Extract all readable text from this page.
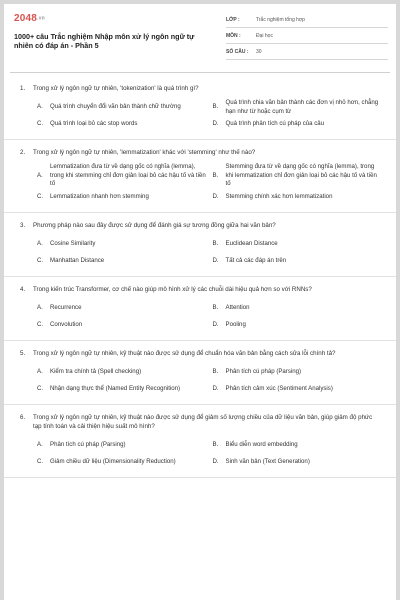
2048.vn
1000+ câu Trắc nghiệm Nhập môn xử lý ngôn ngữ tự nhiên có đáp án - Phần 5
LỚP :	Trắc nghiệm tổng hợp
MÔN :	Đại học
SỐ CÂU :	30
1.	Trong xử lý ngôn ngữ tự nhiên, 'tokenization' là quá trình gì?
A.	Quá trình chuyển đổi văn bản thành chữ thường	B.
Quá trình chia văn bản thành các đơn vị nhỏ hơn, chẳng hạn như từ hoặc cụm từ
C.	Quá trình loại bỏ các stop words	D.	Quá trình phân tích cú pháp của câu
2.	Trong xử lý ngôn ngữ tự nhiên, 'lemmatization' khác với 'stemming' như thế nào?
A.
Lemmatization đưa từ về dạng gốc có nghĩa (lemma), trong khi stemming chỉ đơn giản loại bỏ các hậu tố và tiền tố
B.
Stemming đưa từ về dạng gốc có nghĩa (lemma), trong khi lemmatization chỉ đơn giản loại bỏ các hậu tố và tiền tố
C.	Lemmatization nhanh hơn stemming	D.	Stemming chính xác hơn lemmatization
3.	Phương pháp nào sau đây được sử dụng để đánh giá sự tương đồng giữa hai văn bản?
A.	Cosine Similarity	B.	Euclidean Distance
C.	Manhattan Distance	D.	Tất cả các đáp án trên
4.	Trong kiến trúc Transformer, cơ chế nào giúp mô hình xử lý các chuỗi dài hiệu quả hơn so với RNNs?
A.	Recurrence	B.	Attention
C.	Convolution	D.	Pooling
5.	Trong xử lý ngôn ngữ tự nhiên, kỹ thuật nào được sử dụng để chuẩn hóa văn bản bằng cách sửa lỗi chính tả?
A.	Kiểm tra chính tả (Spell checking)	B.	Phân tích cú pháp (Parsing)
C.	Nhận dạng thực thể (Named Entity Recognition)	D.	Phân tích cảm xúc (Sentiment Analysis)
6.	Trong xử lý ngôn ngữ tự nhiên, kỹ thuật nào được sử dụng để giảm số lượng chiều của dữ liệu văn bản, giúp giảm độ phức tạp tính toán và cải thiện hiệu suất mô hình?
A.	Phân tích cú pháp (Parsing)	B.	Biểu diễn word embedding
C.	Giảm chiều dữ liệu (Dimensionality Reduction)	D.	Sinh văn bản (Text Generation)
